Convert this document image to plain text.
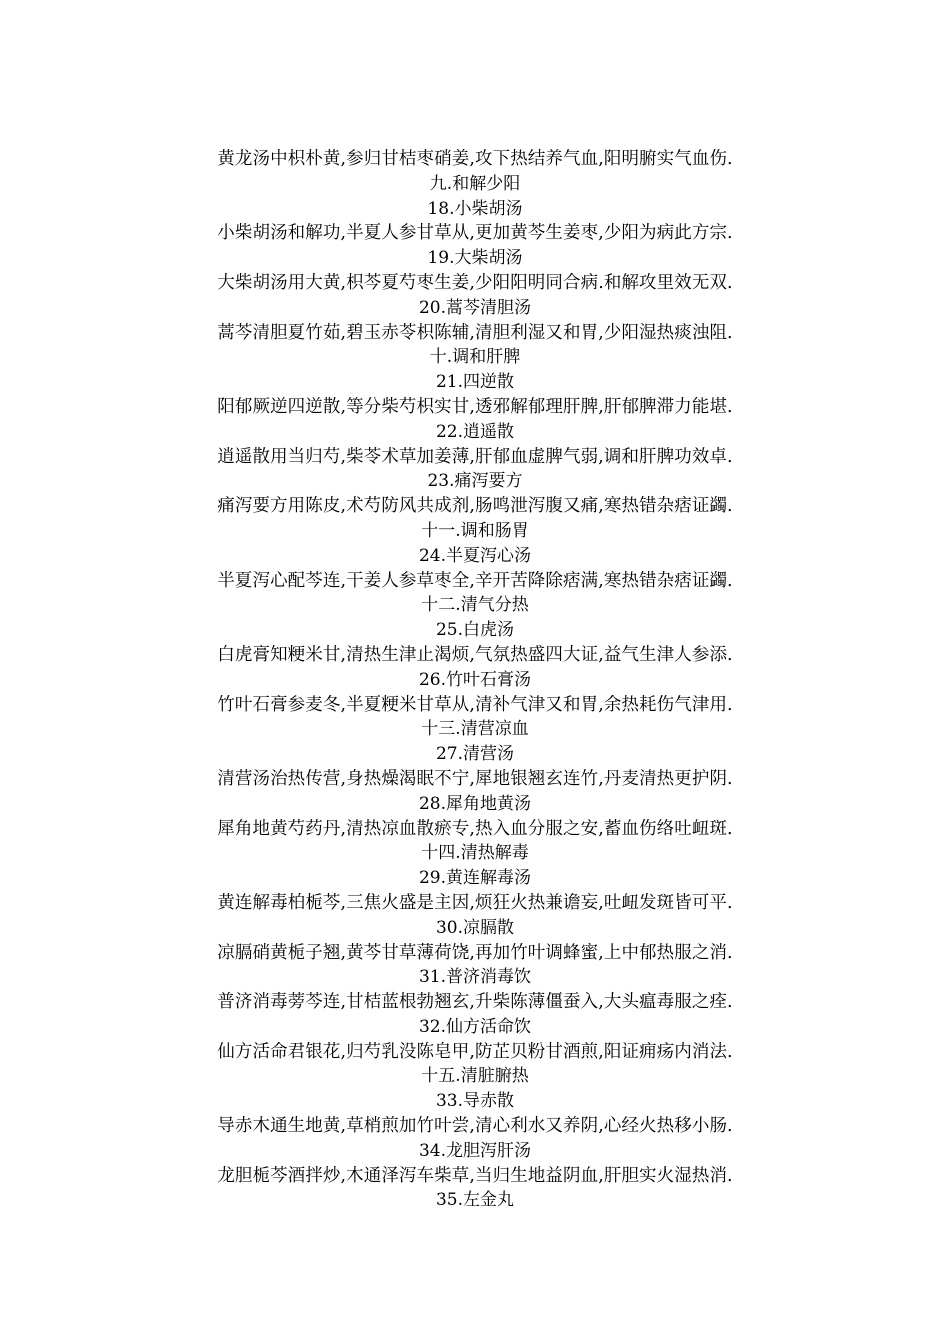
黄龙汤中枳朴黄,参归甘桔枣硝姜,攻下热结养气血,阳明腑实气血伤.
九.和解少阳
18.小柴胡汤
小柴胡汤和解功,半夏人参甘草从,更加黄芩生姜枣,少阳为病此方宗.
19.大柴胡汤
大柴胡汤用大黄,枳芩夏芍枣生姜,少阳阳明同合病.和解攻里效无双.
20.蒿芩清胆汤
蒿芩清胆夏竹茹,碧玉赤苓枳陈辅,清胆利湿又和胃,少阳湿热痰浊阻.
十.调和肝脾
21.四逆散
阳郁厥逆四逆散,等分柴芍枳实甘,透邪解郁理肝脾,肝郁脾滞力能堪.
22.逍遥散
逍遥散用当归芍,柴苓术草加姜薄,肝郁血虚脾气弱,调和肝脾功效卓.
23.痛泻要方
痛泻要方用陈皮,术芍防风共成剂,肠鸣泄泻腹又痛,寒热错杂痞证蠲.
十一.调和肠胃
24.半夏泻心汤
半夏泻心配芩连,干姜人参草枣全,辛开苦降除痞满,寒热错杂痞证蠲.
十二.清气分热
25.白虎汤
白虎膏知粳米甘,清热生津止渴烦,气氛热盛四大证,益气生津人参添.
26.竹叶石膏汤
竹叶石膏参麦冬,半夏粳米甘草从,清补气津又和胃,余热耗伤气津用.
十三.清营凉血
27.清营汤
清营汤治热传营,身热燥渴眠不宁,犀地银翘玄连竹,丹麦清热更护阴.
28.犀角地黄汤
犀角地黄芍药丹,清热凉血散瘀专,热入血分服之安,蓄血伤络吐衄斑.
十四.清热解毒
29.黄连解毒汤
黄连解毒柏栀芩,三焦火盛是主因,烦狂火热兼谵妄,吐衄发斑皆可平.
30.凉膈散
凉膈硝黄栀子翘,黄芩甘草薄荷饶,再加竹叶调蜂蜜,上中郁热服之消.
31.普济消毒饮
普济消毒蒡芩连,甘桔蓝根勃翘玄,升柴陈薄僵蚕入,大头瘟毒服之痊.
32.仙方活命饮
仙方活命君银花,归芍乳没陈皂甲,防芷贝粉甘酒煎,阳证痈疡内消法.
十五.清脏腑热
33.导赤散
导赤木通生地黄,草梢煎加竹叶尝,清心利水又养阴,心经火热移小肠.
34.龙胆泻肝汤
龙胆栀芩酒拌炒,木通泽泻车柴草,当归生地益阴血,肝胆实火湿热消.
35.左金丸
